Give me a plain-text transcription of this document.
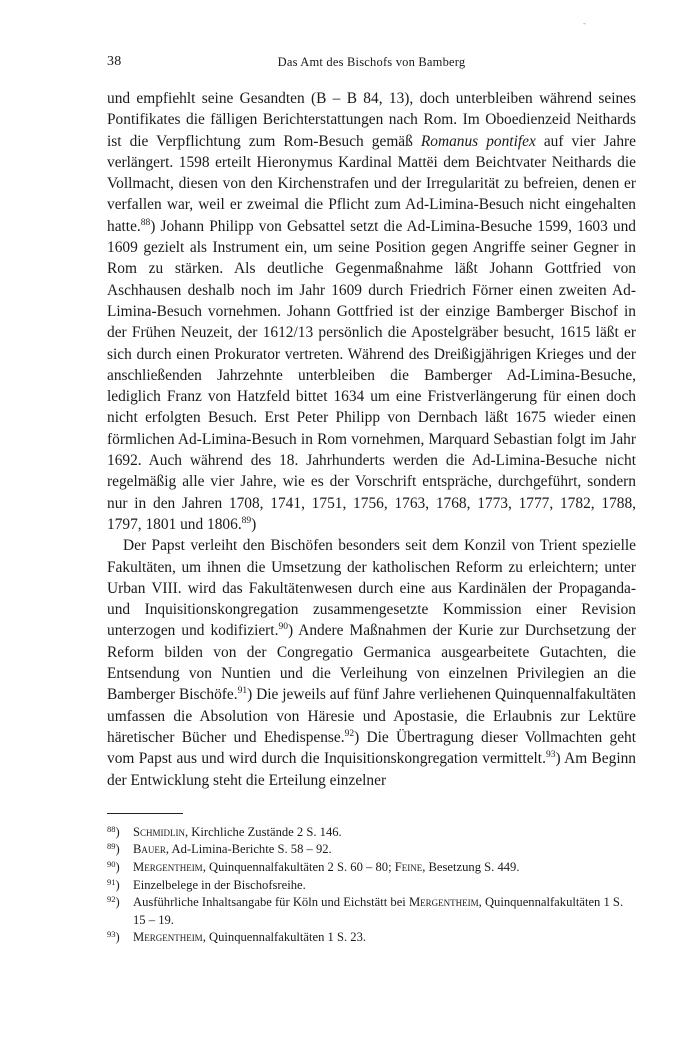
-
38	Das Amt des Bischofs von Bamberg

und empfiehlt seine Gesandten (B – B 84, 13), doch unterbleiben während seines Pontifikates die fälligen Berichterstattungen nach Rom. Im Oboedienzeid Neithards ist die Verpflichtung zum Rom-Besuch gemäß Romanus pontifex auf vier Jahre verlängert. 1598 erteilt Hieronymus Kardinal Mattëi dem Beichtvater Neithards die Vollmacht, diesen von den Kirchenstrafen und der Irregularität zu befreien, denen er verfallen war, weil er zweimal die Pflicht zum Ad-Limina-Besuch nicht eingehalten hatte.$^{88}$) Johann Philipp von Gebsattel setzt die Ad-Limina-Besuche 1599, 1603 und 1609 gezielt als Instrument ein, um seine Position gegen Angriffe seiner Gegner in Rom zu stärken. Als deutliche Gegenmaßnahme läßt Johann Gottfried von Aschhausen deshalb noch im Jahr 1609 durch Friedrich Förner einen zweiten Ad-Limina-Besuch vornehmen. Johann Gottfried ist der einzige Bamberger Bischof in der Frühen Neuzeit, der 1612/13 persönlich die Apostelgräber besucht, 1615 läßt er sich durch einen Prokurator vertreten. Während des Dreißigjährigen Krieges und der anschließenden Jahrzehnte unterbleiben die Bamberger Ad-Limina-Besuche, lediglich Franz von Hatzfeld bittet 1634 um eine Fristverlängerung für einen doch nicht erfolgten Besuch. Erst Peter Philipp von Dernbach läßt 1675 wieder einen förmlichen Ad-Limina-Besuch in Rom vornehmen, Marquard Sebastian folgt im Jahr 1692. Auch während des 18. Jahrhunderts werden die Ad-Limina-Besuche nicht regelmäßig alle vier Jahre, wie es der Vorschrift entspräche, durchgeführt, sondern nur in den Jahren 1708, 1741, 1751, 1756, 1763, 1768, 1773, 1777, 1782, 1788, 1797, 1801 und 1806.89)

Der Papst verleiht den Bischöfen besonders seit dem Konzil von Trient spezielle Fakultäten, um ihnen die Umsetzung der katholischen Reform zu erleichtern; unter Urban VIII. wird das Fakultätenwesen durch eine aus Kardinälen der Propaganda- und Inquisitionskongregation zusammengesetzte Kommission einer Revision unterzogen und kodifiziert.$^{90}$) Andere Maßnahmen der Kurie zur Durchsetzung der Reform bilden von der Congregatio Germanica ausgearbeitete Gutachten, die Entsendung von Nuntien und die Verleihung von einzelnen Privilegien an die Bamberger Bischöfe.$^{91}$) Die jeweils auf fünf Jahre verliehenen Quinquennalfakultäten umfassen die Absolution von Häresie und Apostasie, die Erlaubnis zur Lektüre häretischer Bücher und Ehedispense.$^{92}$) Die Übertragung dieser Vollmachten geht vom Papst aus und wird durch die Inquisitionskongregation vermittelt.$^{93}$) Am Beginn der Entwicklung steht die Erteilung einzelner

$^{88}$) Schmidlin, Kirchliche Zustände 2 S. 146.
$^{89}$) Bauer, Ad-Limina-Berichte S. 58 – 92.
$^{90}$) Mergentheim, Quinquennalfakultäten 2 S. 60 – 80; Feine, Besetzung S. 449.
$^{91}$) Einzelbelege in der Bischofsreihe.
$^{92}$) Ausführliche Inhaltsangabe für Köln und Eichstätt bei Mergentheim, Quinquennalfakultäten 1 S. 15 – 19.
$^{93}$) Mergentheim, Quinquennalfakultäten 1 S. 23.
